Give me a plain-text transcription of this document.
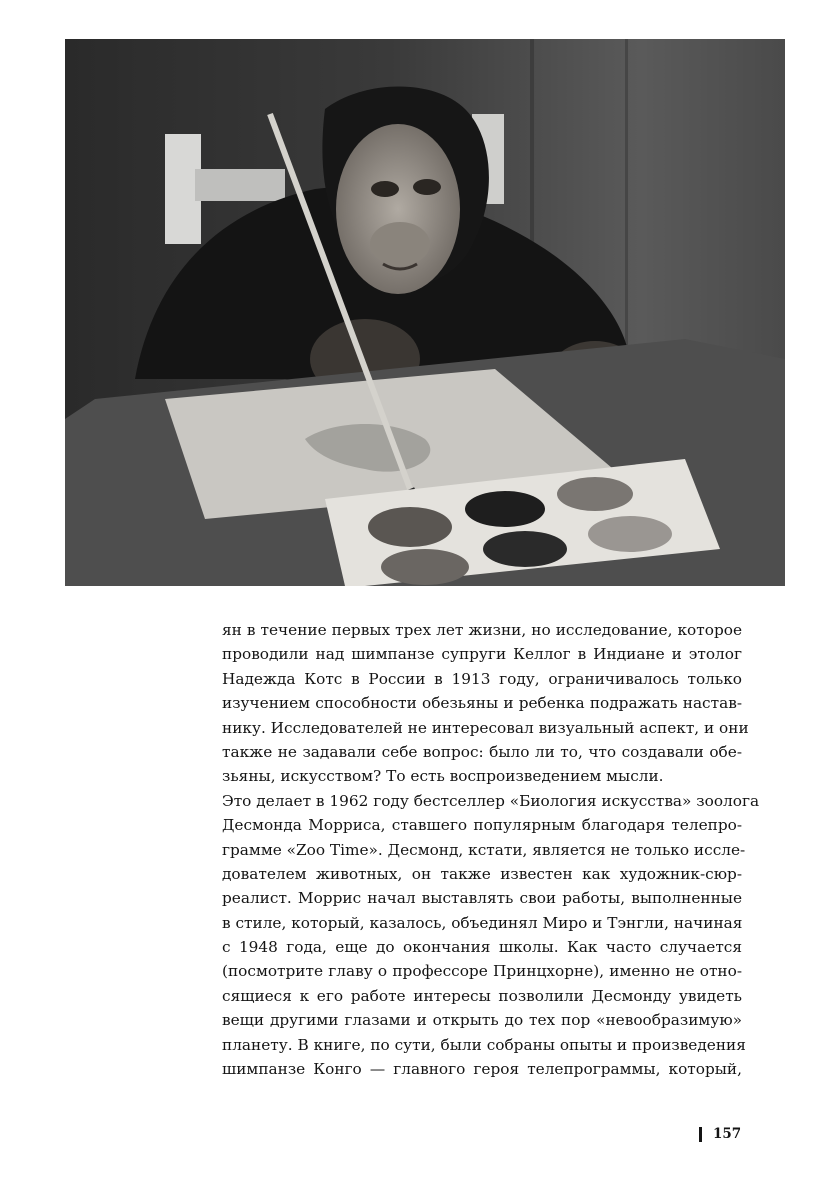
ян в течение первых трех лет жизни, но исследование, которое
проводили над шимпанзе супруги Келлог в Индиане и этолог
Надежда Котс в России в 1913 году, ограничивалось только
изучением способности обезьяны и ребенка подражать настав-
нику. Исследователей не интересовал визуальный аспект, и они
также не задавали себе вопрос: было ли то, что создавали обе-
зьяны, искусством? То есть воспроизведением мысли.
Это делает в 1962 году бестселлер «Биология искусства» зоолога
Десмонда Морриса, ставшего популярным благодаря телепро-
грамме «Zoo Time». Десмонд, кстати, является не только иссле-
дователем животных, он также известен как художник-сюр-
реалист. Моррис начал выставлять свои работы, выполненные
в стиле, который, казалось, объединял Миро и Тэнгли, начиная
с 1948 года, еще до окончания школы. Как часто случается
(посмотрите главу о профессоре Принцхорне), именно не отно-
сящиеся к его работе интересы позволили Десмонду увидеть
вещи другими глазами и открыть до тех пор «невообразимую»
планету. В книге, по сути, были собраны опыты и произведения
шимпанзе Конго — главного героя телепрограммы, который,
157
